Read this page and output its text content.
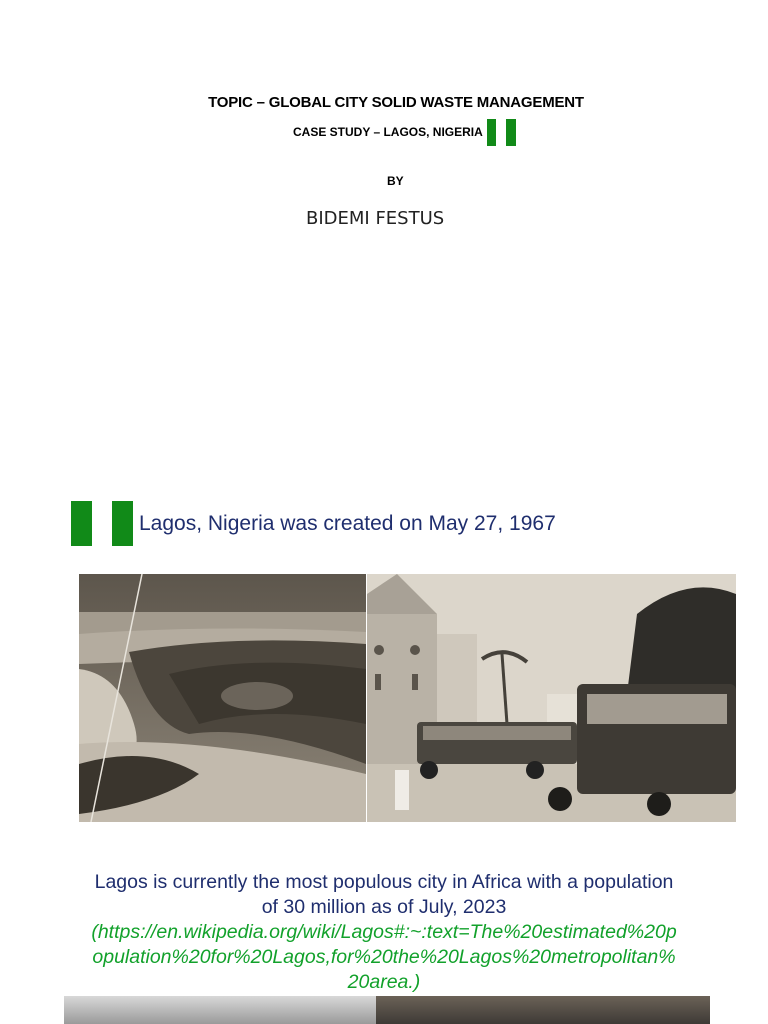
TOPIC – GLOBAL CITY SOLID WASTE MANAGEMENT
CASE STUDY – LAGOS, NIGERIA
BY
BIDEMI FESTUS
Lagos, Nigeria was created on May 27, 1967
Lagos is currently the most populous city in Africa with a population of 30 million as of July, 2023
(https://en.wikipedia.org/wiki/Lagos#:~:text=The%20estimated%20population%20for%20Lagos,for%20the%20Lagos%20metropolitan%20area.)
